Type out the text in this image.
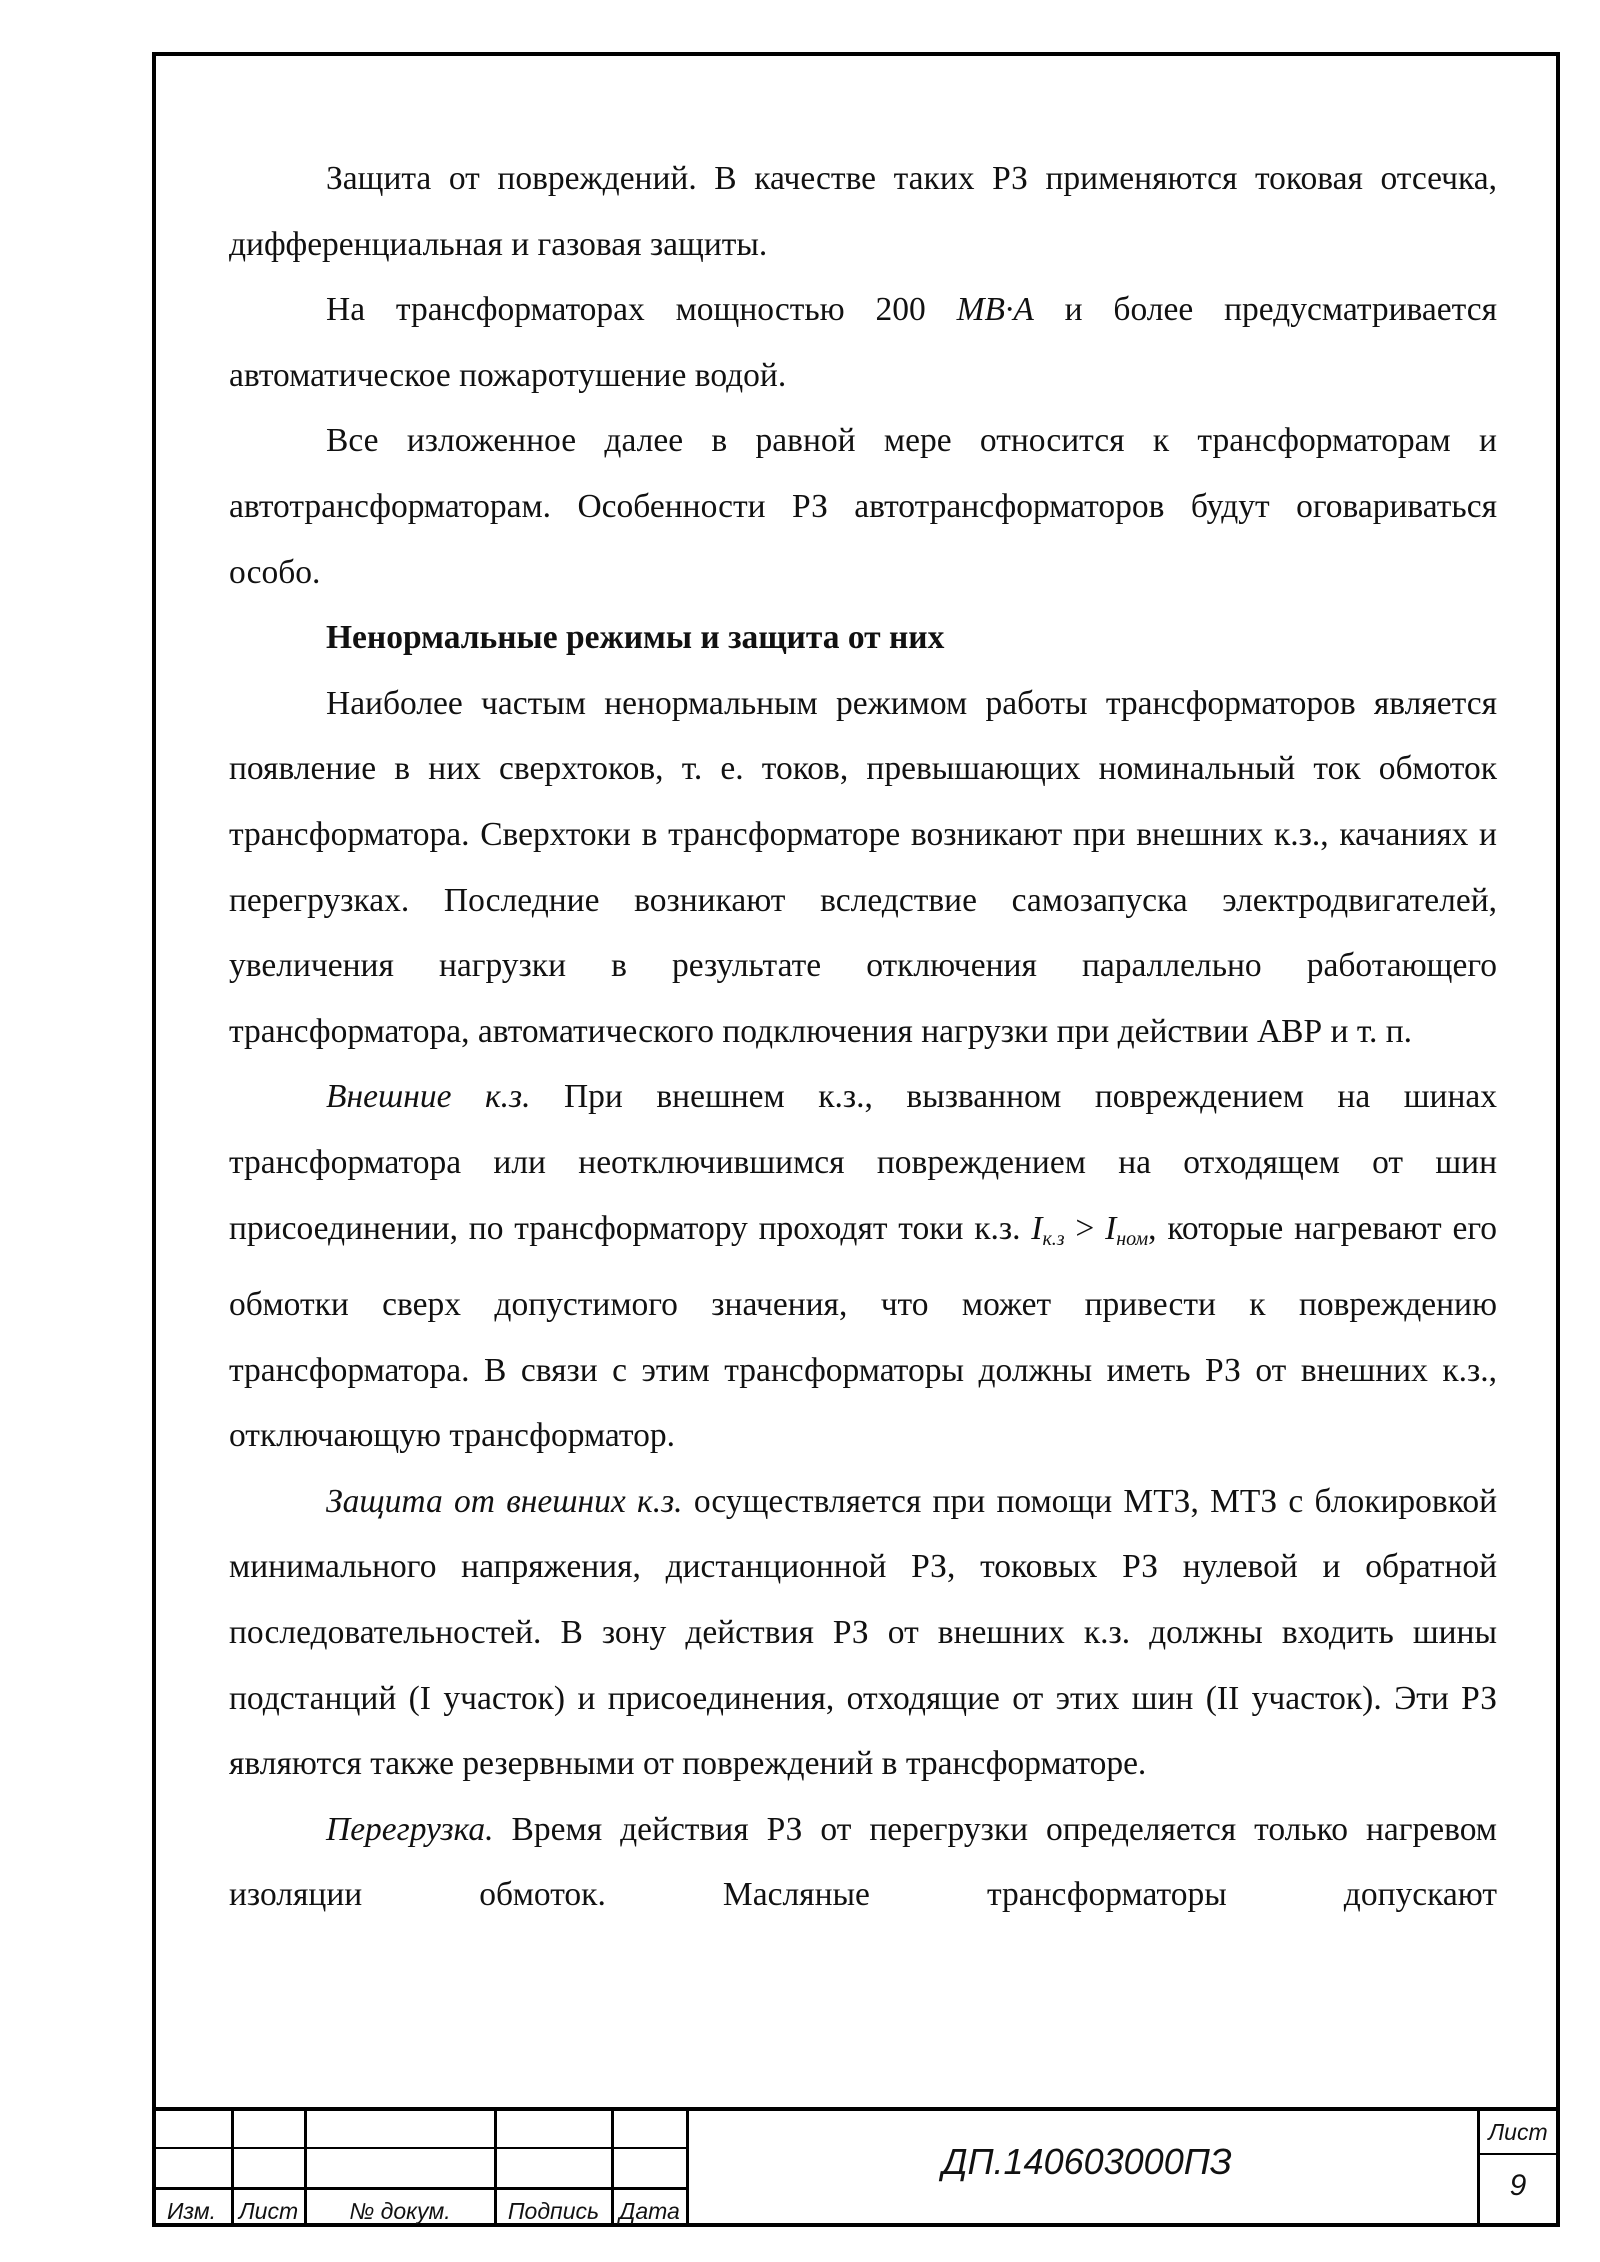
Защита от повреждений. В качестве таких РЗ применяются токовая отсечка, дифференциальная и газовая защиты.

На трансформаторах мощностью 200 МВ·А и более предусматривается автоматическое пожаротушение водой.

Все изложенное далее в равной мере относится к трансформаторам и автотрансформаторам. Особенности РЗ автотрансформаторов будут оговариваться особо.

Ненормальные режимы и защита от них

Наиболее частым ненормальным режимом работы трансформаторов является появление в них сверхтоков, т. е. токов, превышающих номинальный ток обмоток трансформатора. Сверхтоки в трансформаторе возникают при внешних к.з., качаниях и перегрузках. Последние возникают вследствие самозапуска электродвигателей, увеличения нагрузки в результате отключения параллельно работающего трансформатора, автоматического подключения нагрузки при действии АВР и т. п.

Внешние к.з. При внешнем к.з., вызванном повреждением на шинах трансформатора или неотключившимся повреждением на отходящем от шин присоединении, по трансформатору проходят токи к.з. $I_{к.з} > I_{ном}$, которые нагревают его обмотки сверх допустимого значения, что может привести к повреждению трансформатора. В связи с этим трансформаторы должны иметь РЗ от внешних к.з., отключающую трансформатор.

Защита от внешних к.з. осуществляется при помощи МТЗ, МТЗ с блокировкой минимального напряжения, дистанционной РЗ, токовых РЗ нулевой и обратной последовательностей. В зону действия РЗ от внешних к.з. должны входить шины подстанций (I участок) и присоединения, отходящие от этих шин (II участок). Эти РЗ являются также резервными от повреждений в трансформаторе.

Перегрузка. Время действия РЗ от перегрузки определяется только нагревом изоляции обмоток. Масляные трансформаторы допускают

Изм. Лист	№ докум.	Подпись Дата
ДП.140603000ПЗ
Лист
9
